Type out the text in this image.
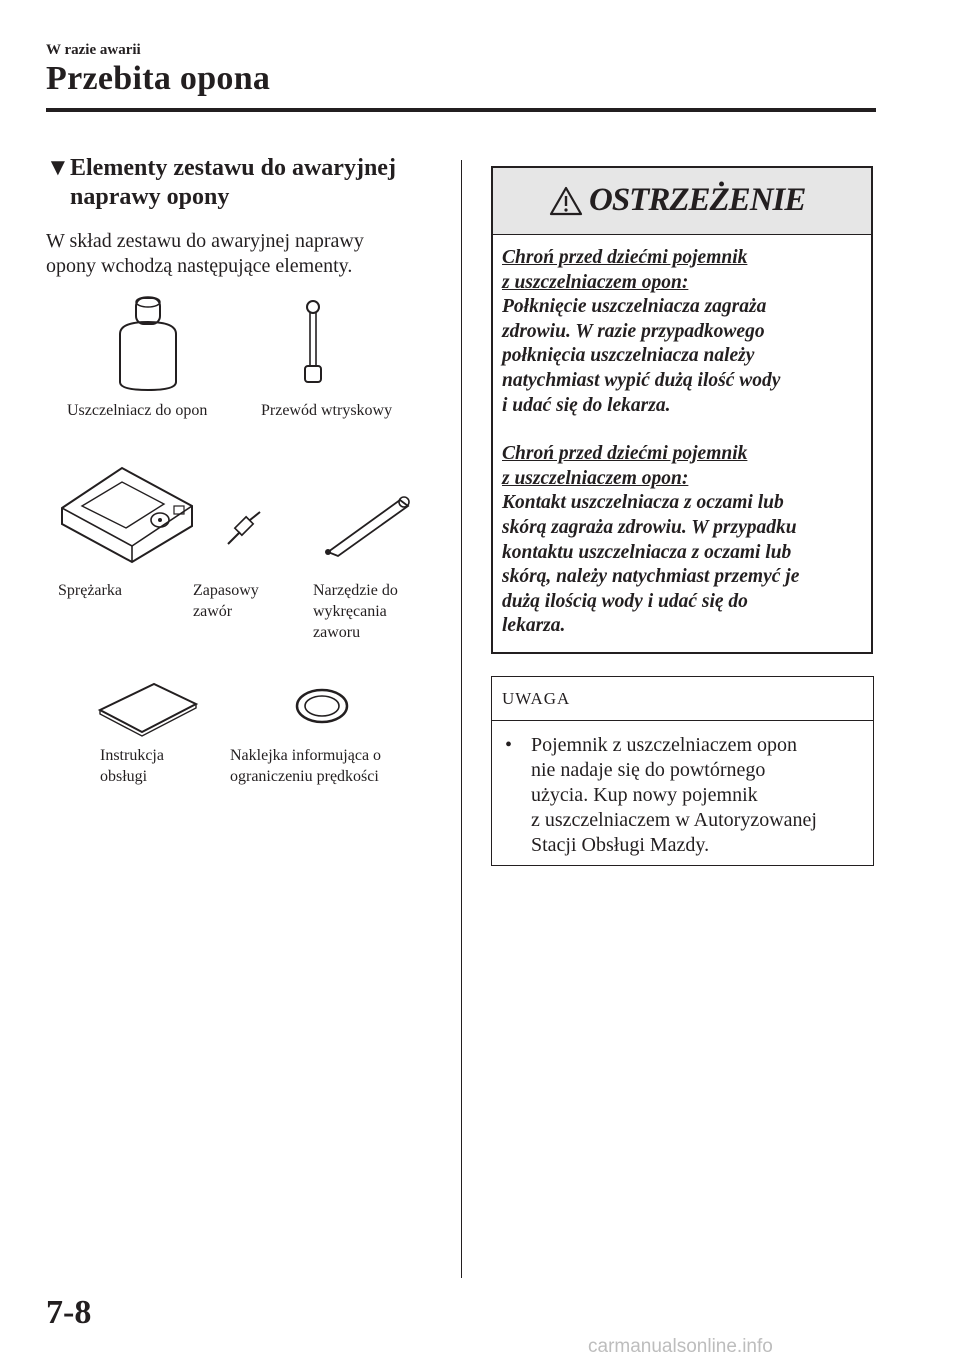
W razie awarii
Przebita opona
▼Elementy zestawu do awaryjnej
naprawy opony
W skład zestawu do awaryjnej naprawy
opony wchodzą następujące elementy.
Uszczelniacz do opon	Przewód wtryskowy
Sprężarka	Zapasowy
zawór
Narzędzie do
wykręcania
zaworu
Instrukcja
obsługi
Naklejka informująca o
ograniczeniu prędkości
OSTRZEŻENIE
Chroń przed dziećmi pojemnik
z uszczelniaczem opon:
Połknięcie uszczelniacza zagraża
zdrowiu. W razie przypadkowego
połknięcia uszczelniacza należy
natychmiast wypić dużą ilość wody
i udać się do lekarza.
Chroń przed dziećmi pojemnik
z uszczelniaczem opon:
Kontakt uszczelniacza z oczami lub
skórą zagraża zdrowiu. W przypadku
kontaktu uszczelniacza z oczami lub
skórą, należy natychmiast przemyć je
dużą ilością wody i udać się do
lekarza.
UWAGA
• Pojemnik z uszczelniaczem opon
nie nadaje się do powtórnego
użycia. Kup nowy pojemnik
z uszczelniaczem w Autoryzowanej
Stacji Obsługi Mazdy.
7-8
carmanualsonline.info
